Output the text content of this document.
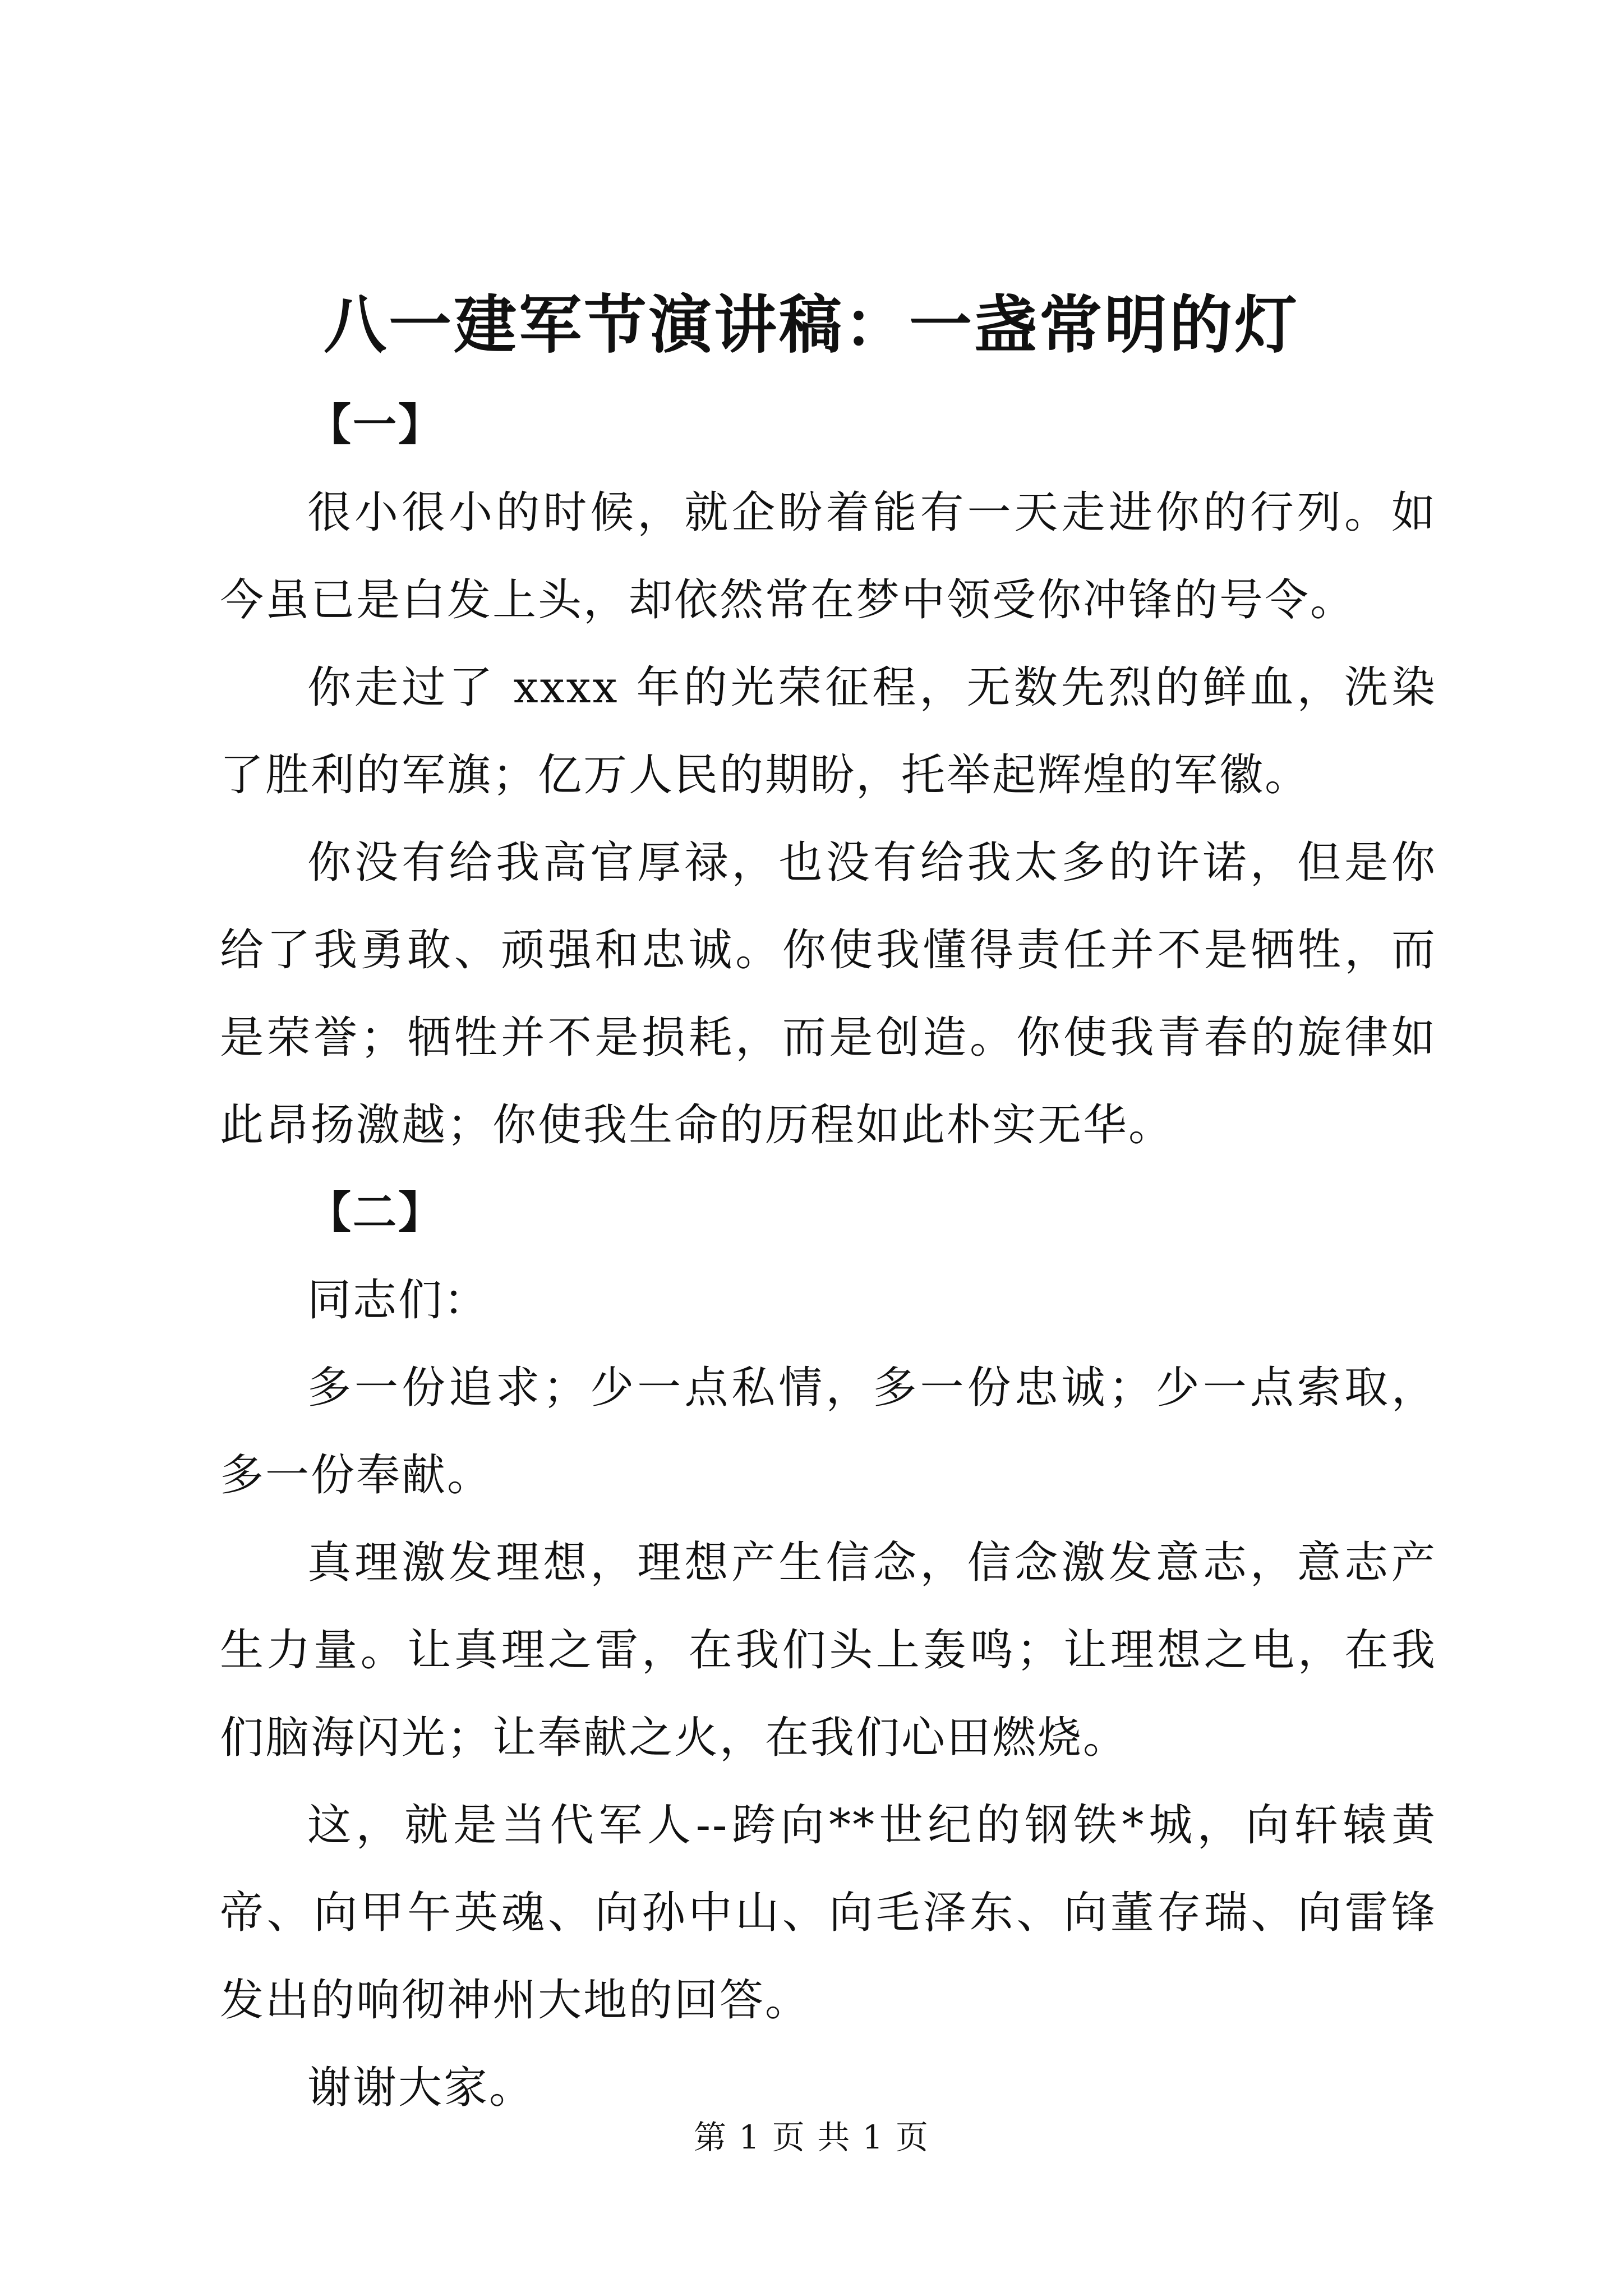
八一建军节演讲稿：一盏常明的灯

【一】

很小很小的时候，就企盼着能有一天走进你的行列。如今虽已是白发上头，却依然常在梦中领受你冲锋的号令。

你走过了 xxxx 年的光荣征程，无数先烈的鲜血，洗染了胜利的军旗；亿万人民的期盼，托举起辉煌的军徽。

你没有给我高官厚禄，也没有给我太多的许诺，但是你给了我勇敢、顽强和忠诚。你使我懂得责任并不是牺牲，而是荣誉；牺牲并不是损耗，而是创造。你使我青春的旋律如此昂扬激越；你使我生命的历程如此朴实无华。

【二】

同志们：

多一份追求；少一点私情，多一份忠诚；少一点索取，多一份奉献。

真理激发理想，理想产生信念，信念激发意志，意志产生力量。让真理之雷，在我们头上轰鸣；让理想之电，在我们脑海闪光；让奉献之火，在我们心田燃烧。

这，就是当代军人--跨向**世纪的钢铁*城，向轩辕黄帝、向甲午英魂、向孙中山、向毛泽东、向董存瑞、向雷锋发出的响彻神州大地的回答。

谢谢大家。

第 1 页 共 1 页
